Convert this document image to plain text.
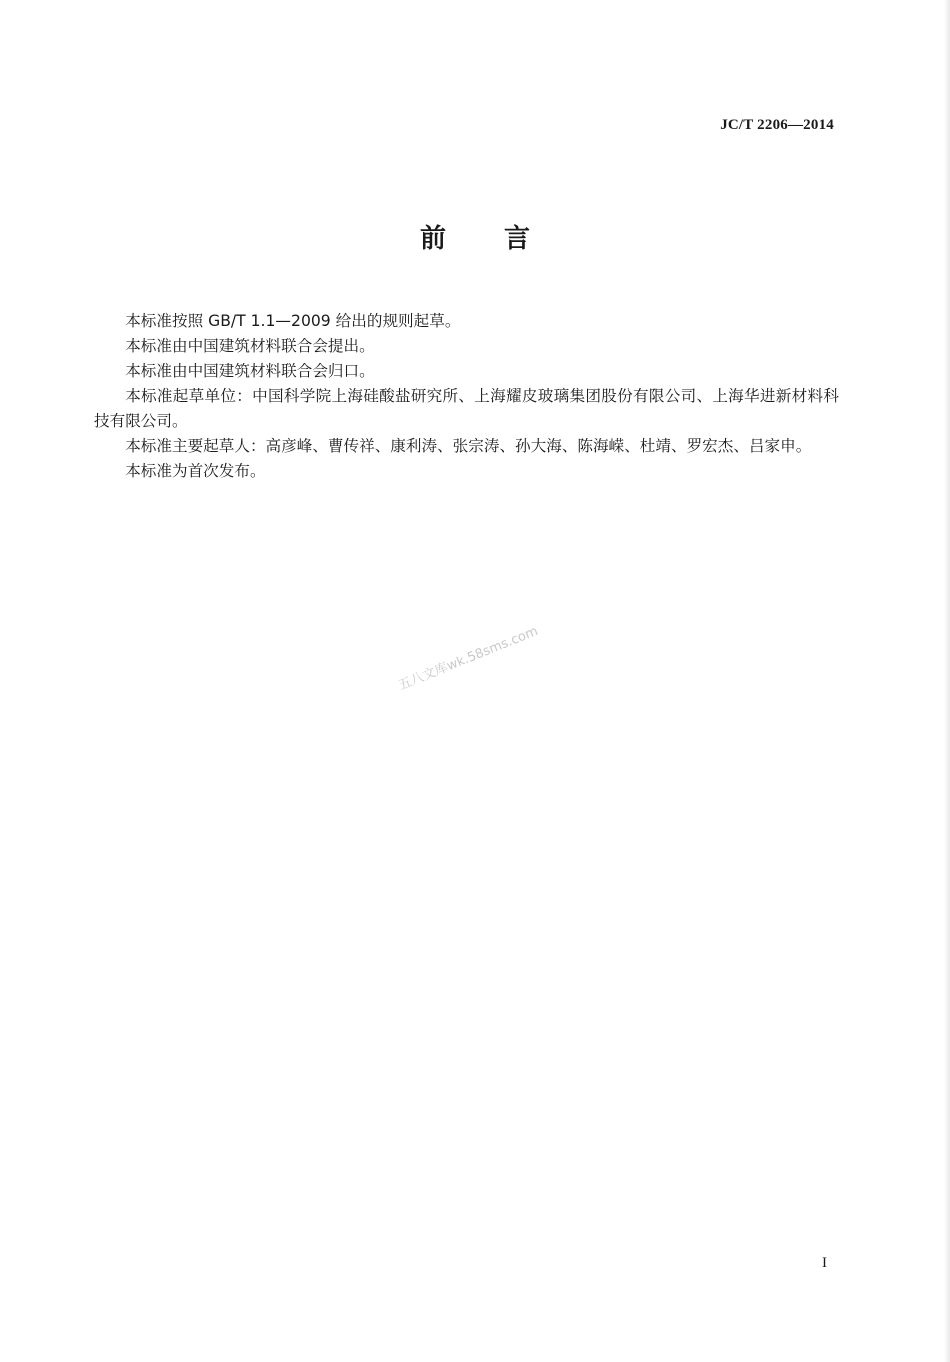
JC/T 2206—2014
前 言

本标准按照 GB/T 1.1—2009 给出的规则起草。

本标准由中国建筑材料联合会提出。

本标准由中国建筑材料联合会归口。

本标准起草单位：中国科学院上海硅酸盐研究所、上海耀皮玻璃集团股份有限公司、上海华进新材料科技有限公司。

本标准主要起草人：高彦峰、曹传祥、康利涛、张宗涛、孙大海、陈海嵘、杜靖、罗宏杰、吕家申。

本标准为首次发布。

五八文库wk.58sms.com
I
